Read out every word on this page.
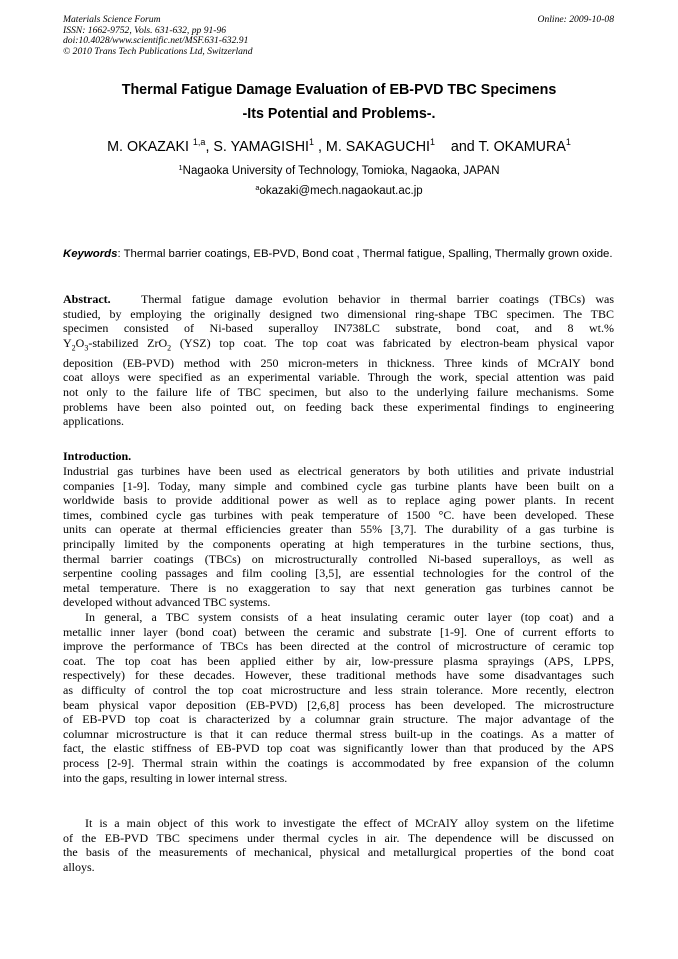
Materials Science Forum
ISSN: 1662-9752, Vols. 631-632, pp 91-96
doi:10.4028/www.scientific.net/MSF.631-632.91
© 2010 Trans Tech Publications Ltd, Switzerland
Online: 2009-10-08
Thermal Fatigue Damage Evaluation of EB-PVD TBC Specimens
-Its Potential and Problems-.
M. OKAZAKI $^{1,a}$, S. YAMAGISHI$^1$ , M. SAKAGUCHI$^1$    and T. OKAMURA$^1$
$^1$Nagaoka University of Technology, Tomioka, Nagaoka, JAPAN
$^a$okazaki@mech.nagaokaut.ac.jp
Keywords: Thermal barrier coatings, EB-PVD, Bond coat , Thermal fatigue, Spalling, Thermally grown oxide.
Abstract.	Thermal fatigue damage evolution behavior in thermal barrier coatings (TBCs) was
studied, by employing the originally designed two dimensional ring-shape TBC specimen. The TBC
specimen consisted of Ni-based superalloy IN738LC substrate, bond coat, and 8 wt.%
$Y_2O_3$-stabilized ZrO$_2$ (YSZ) top coat. The top coat was fabricated by electron-beam physical vapor
deposition (EB-PVD) method with 250 micron-meters in thickness. Three kinds of MCrAlY bond
coat alloys were specified as an experimental variable. Through the work, special attention was paid
not only to the failure life of TBC specimen, but also to the underlying failure mechanisms. Some
problems have been also pointed out, on feeding back these experimental findings to engineering
applications.
Introduction.
Industrial gas turbines have been used as electrical generators by both utilities and private industrial
companies [1-9]. Today, many simple and combined cycle gas turbine plants have been built on a
worldwide basis to provide additional power as well as to replace aging power plants. In recent
times, combined cycle gas turbines with peak temperature of 1500 °C. have been developed. These
units can operate at thermal efficiencies greater than 55% [3,7]. The durability of a gas turbine is
principally limited by the components operating at high temperatures in the turbine sections, thus,
thermal barrier coatings (TBCs) on microstructurally controlled Ni-based superalloys, as well as
serpentine cooling passages and film cooling [3,5], are essential technologies for the control of the
metal temperature. There is no exaggeration to say that next generation gas turbines cannot be
developed without advanced TBC systems.
In general, a TBC system consists of a heat insulating ceramic outer layer (top coat) and a
metallic inner layer (bond coat) between the ceramic and substrate [1-9]. One of current efforts to
improve the performance of TBCs has been directed at the control of microstructure of ceramic top
coat. The top coat has been applied either by air, low-pressure plasma sprayings (APS, LPPS,
respectively) for these decades. However, these traditional methods have some disadvantages such
as difficulty of control the top coat microstructure and less strain tolerance. More recently, electron
beam physical vapor deposition (EB-PVD) [2,6,8] process has been developed. The microstructure
of EB-PVD top coat is characterized by a columnar grain structure. The major advantage of the
columnar microstructure is that it can reduce thermal stress built-up in the coatings. As a matter of
fact, the elastic stiffness of EB-PVD top coat was significantly lower than that produced by the APS
process [2-9]. Thermal strain within the coatings is accommodated by free expansion of the column
into the gaps, resulting in lower internal stress.
It is a main object of this work to investigate the effect of MCrAlY alloy system on the lifetime
of the EB-PVD TBC specimens under thermal cycles in air. The dependence will be discussed on
the basis of the measurements of mechanical, physical and metallurgical properties of the bond coat
alloys.
